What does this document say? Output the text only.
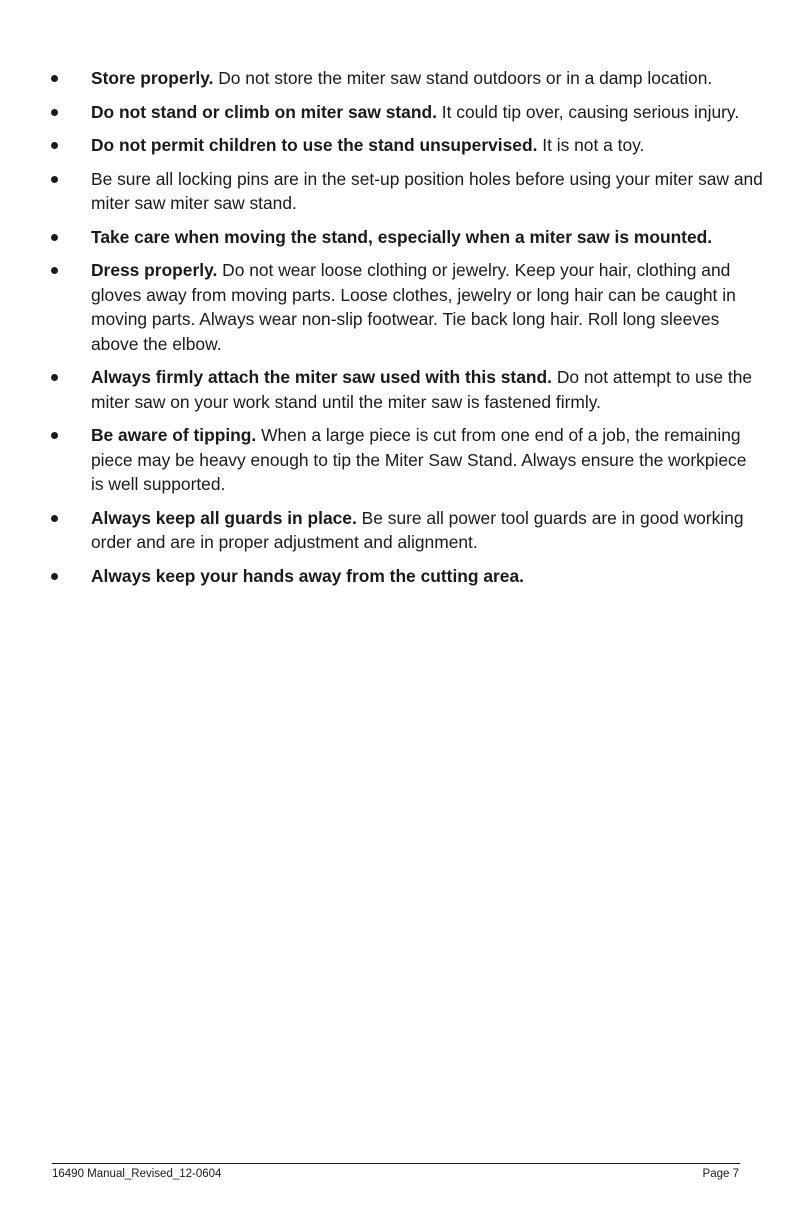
Store properly. Do not store the miter saw stand outdoors or in a damp location.
Do not stand or climb on miter saw stand. It could tip over, causing serious injury.
Do not permit children to use the stand unsupervised. It is not a toy.
Be sure all locking pins are in the set-up position holes before using your miter saw and miter saw miter saw stand.
Take care when moving the stand, especially when a miter saw is mounted.
Dress properly. Do not wear loose clothing or jewelry. Keep your hair, clothing and gloves away from moving parts. Loose clothes, jewelry or long hair can be caught in moving parts. Always wear non-slip footwear. Tie back long hair. Roll long sleeves above the elbow.
Always firmly attach the miter saw used with this stand. Do not attempt to use the miter saw on your work stand until the miter saw is fastened firmly.
Be aware of tipping. When a large piece is cut from one end of a job, the remaining piece may be heavy enough to tip the Miter Saw Stand. Always ensure the workpiece is well supported.
Always keep all guards in place. Be sure all power tool guards are in good working order and are in proper adjustment and alignment.
Always keep your hands away from the cutting area.
16490 Manual_Revised_12-0604	Page 7
